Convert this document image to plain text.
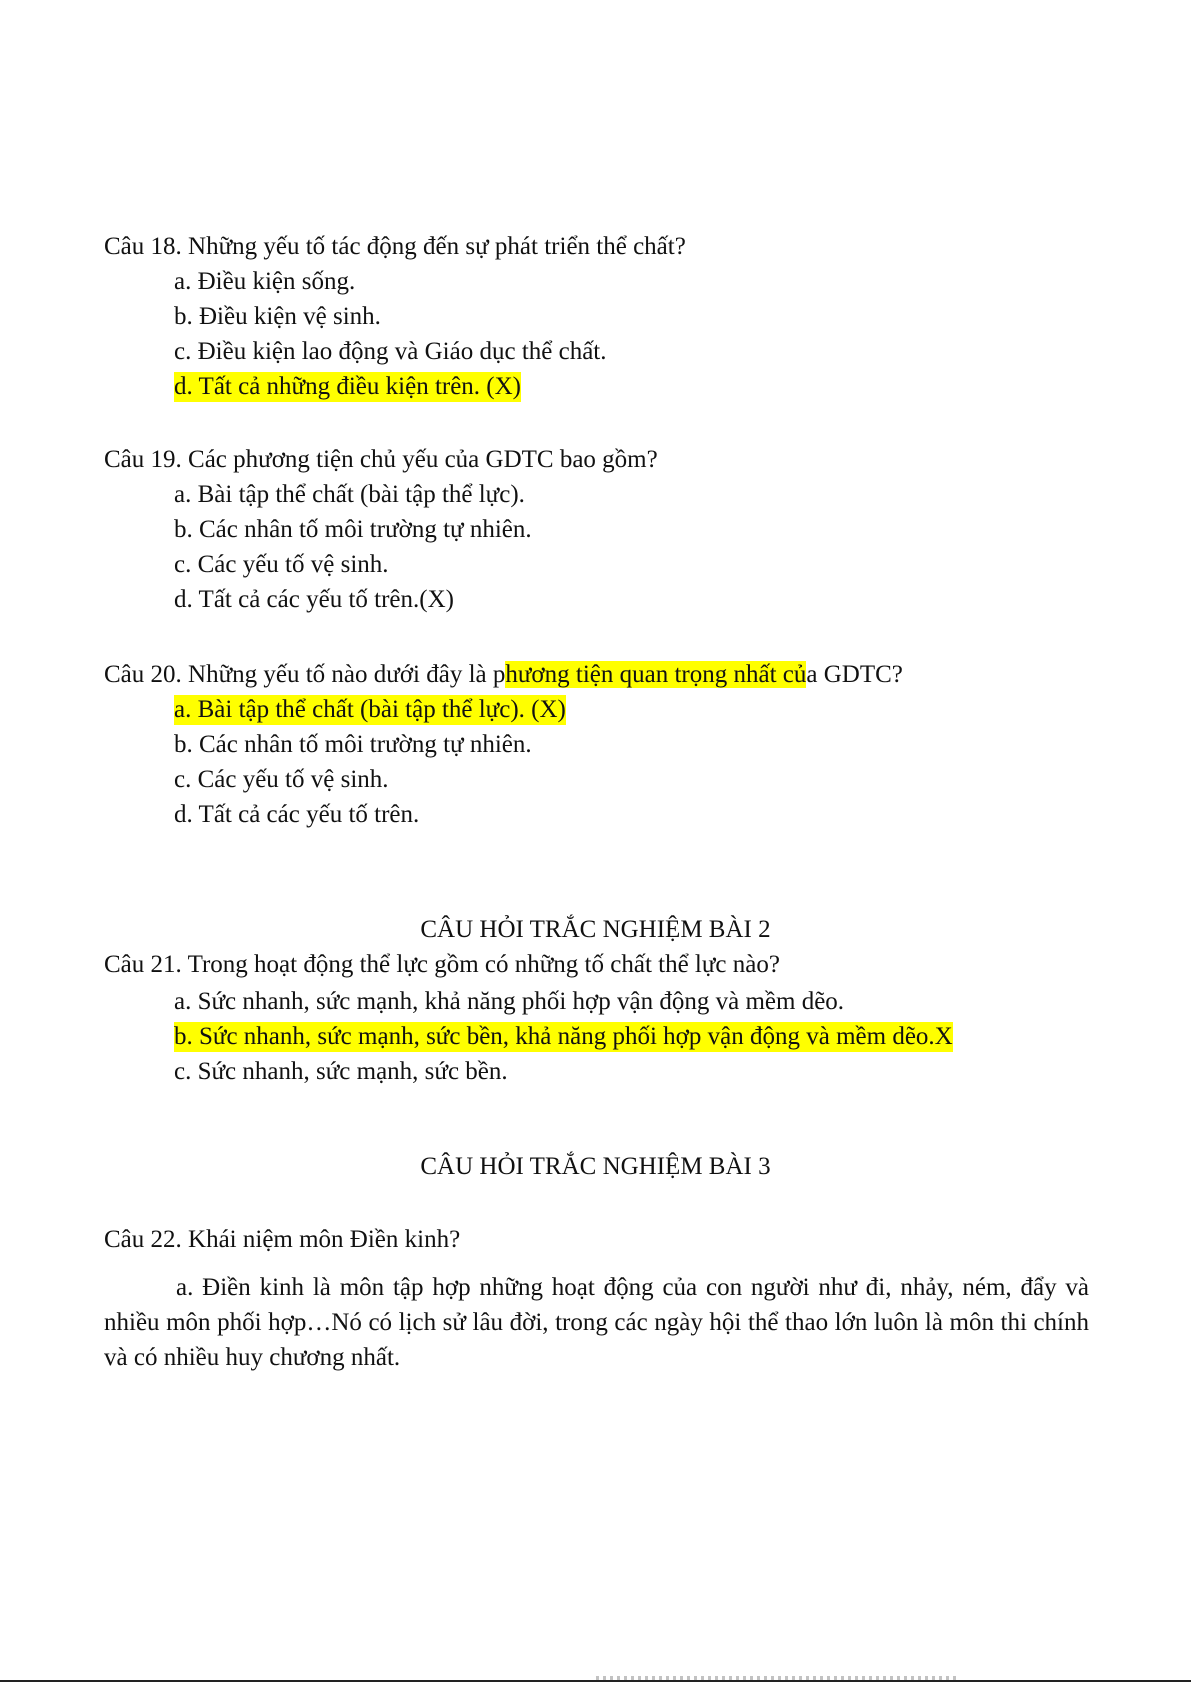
Câu 18. Những yếu tố tác động đến sự phát triển thể chất?
a. Điều kiện sống.
b. Điều kiện vệ sinh.
c. Điều kiện lao động và Giáo dục thể chất.
d. Tất cả những điều kiện trên. (X)
Câu 19. Các phương tiện chủ yếu của GDTC bao gồm?
a. Bài tập thể chất (bài tập thể lực).
b. Các nhân tố môi trường tự nhiên.
c. Các yếu tố vệ sinh.
d. Tất cả các yếu tố trên.(X)
Câu 20. Những yếu tố nào dưới đây là phương tiện quan trọng nhất của GDTC?
a. Bài tập thể chất (bài tập thể lực). (X)
b. Các nhân tố môi trường tự nhiên.
c. Các yếu tố vệ sinh.
d. Tất cả các yếu tố trên.
CÂU HỎI TRẮC NGHIỆM BÀI 2
Câu 21. Trong hoạt động thể lực gồm có những tố chất thể lực nào?
a. Sức nhanh, sức mạnh, khả năng phối hợp vận động và mềm dẽo.
b. Sức nhanh, sức mạnh, sức bền, khả năng phối hợp vận động và mềm dẽo.X
c. Sức nhanh, sức mạnh, sức bền.
CÂU HỎI TRẮC NGHIỆM BÀI 3
Câu 22. Khái niệm môn Điền kinh?
a. Điền kinh là môn tập hợp những hoạt động của con người như đi, nhảy, ném, đẩy và nhiều môn phối hợp…Nó có lịch sử lâu đời, trong các ngày hội thể thao lớn luôn là môn thi chính và có nhiều huy chương nhất.
